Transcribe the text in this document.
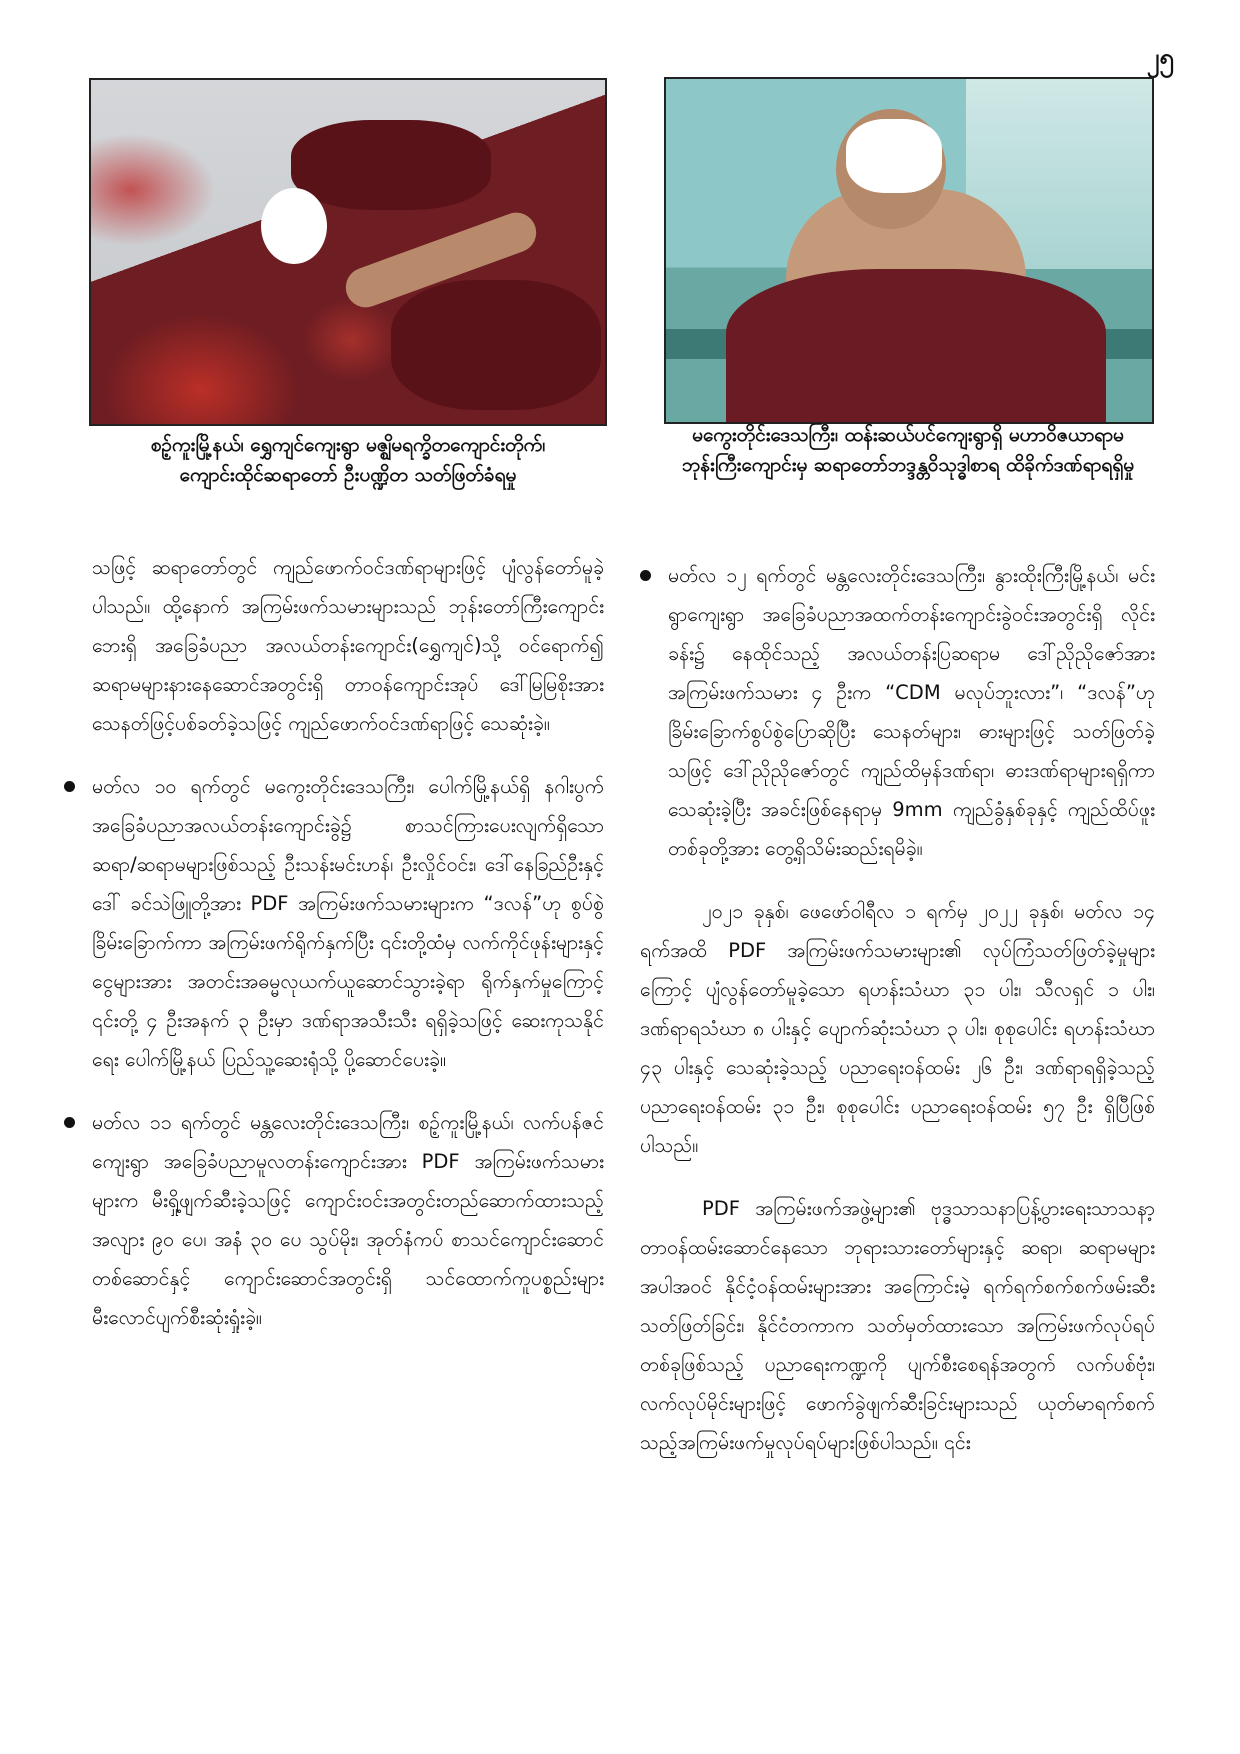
၂၅
စဥ့်ကူးမြို့နယ်၊ ရွှေကျင်ကျေးရွာ မဇ္ဈိမရက္ခိတကျောင်းတိုက်၊ ကျောင်းထိုင်ဆရာတော် ဦးပဏ္ဍိတ သတ်ဖြတ်ခံရမှု
မကွေးတိုင်းဒေသကြီး၊ ထန်းဆယ်ပင်ကျေးရွာရှိ မဟာဝိဇယာရာမဘုန်းကြီးကျောင်းမှ ဆရာတော်ဘဒ္ဒန္တဝိသုဒ္ဓါစာရ ထိခိုက်ဒဏ်ရာရရှိမှု

သဖြင့် ဆရာတော်တွင် ကျည်ဖောက်ဝင်ဒဏ်ရာများဖြင့် ပျံလွန်တော်မူခဲ့ပါသည်။ ထို့နောက် အကြမ်းဖက်သမားများသည် ဘုန်းတော်ကြီးကျောင်းဘေးရှိ အခြေခံပညာ အလယ်တန်းကျောင်း(ရွှေကျင်)သို့ ဝင်ရောက်၍ ဆရာမများနားနေဆောင်အတွင်းရှိ တာဝန်ကျောင်းအုပ် ဒေါ်မြမြစိုးအား သေနတ်ဖြင့်ပစ်ခတ်ခဲ့သဖြင့် ကျည်ဖောက်ဝင်ဒဏ်ရာဖြင့် သေဆုံးခဲ့။

မတ်လ ၁၀ ရက်တွင် မကွေးတိုင်းဒေသကြီး၊ ပေါက်မြို့နယ်ရှိ နဂါးပွက်အခြေခံပညာအလယ်တန်းကျောင်းခွဲ၌ စာသင်ကြားပေးလျက်ရှိသော ဆရာ/ဆရာမများဖြစ်သည့် ဦးသန်းမင်းဟန်၊ ဦးလှိုင်ဝင်း၊ ဒေါ်နေခြည်ဦးနှင့် ဒေါ် ခင်သဲဖြူတို့အား PDF အကြမ်းဖက်သမားများက “ဒလန်”ဟု စွပ်စွဲခြိမ်းခြောက်ကာ အကြမ်းဖက်ရိုက်နှက်ပြီး ၎င်းတို့ထံမှ လက်ကိုင်ဖုန်းများနှင့် ငွေများအား အတင်းအဓမ္မလုယက်ယူဆောင်သွားခဲ့ရာ ရိုက်နှက်မှုကြောင့် ၎င်းတို့ ၄ ဦးအနက် ၃ ဦးမှာ ဒဏ်ရာအသီးသီး ရရှိခဲ့သဖြင့် ဆေးကုသနိုင်ရေး ပေါက်မြို့နယ် ပြည်သူ့ဆေးရုံသို့ ပို့ဆောင်ပေးခဲ့။
မတ်လ ၁၁ ရက်တွင် မန္တလေးတိုင်းဒေသကြီး၊ စဥ့်ကူးမြို့နယ်၊ လက်ပန်ဇင်ကျေးရွာ အခြေခံပညာမူလတန်းကျောင်းအား PDF အကြမ်းဖက်သမားများက မီးရှို့ဖျက်ဆီးခဲ့သဖြင့် ကျောင်းဝင်းအတွင်းတည်ဆောက်ထားသည့် အလျား ၉၀ ပေ၊ အနံ ၃၀ ပေ သွပ်မိုး၊ အုတ်နံကပ် စာသင်ကျောင်းဆောင်တစ်ဆောင်နှင့် ကျောင်းဆောင်အတွင်းရှိ သင်ထောက်ကူပစ္စည်းများ မီးလောင်ပျက်စီးဆုံးရှုံးခဲ့။
မတ်လ ၁၂ ရက်တွင် မန္တလေးတိုင်းဒေသကြီး၊ နွားထိုးကြီးမြို့နယ်၊ မင်းရွာကျေးရွာ အခြေခံပညာအထက်တန်းကျောင်းခွဲဝင်းအတွင်းရှိ လိုင်းခန်း၌ နေထိုင်သည့် အလယ်တန်းပြဆရာမ ဒေါ်ညိုညိုဇော်အား အကြမ်းဖက်သမား ၄ ဦးက “CDM မလုပ်ဘူးလား”၊ “ဒလန်”ဟု ခြိမ်းခြောက်စွပ်စွဲပြောဆိုပြီး သေနတ်များ၊ ဓားများဖြင့် သတ်ဖြတ်ခဲ့သဖြင့် ဒေါ်ညိုညိုဇော်တွင် ကျည်ထိမှန်ဒဏ်ရာ၊ ဓားဒဏ်ရာများရရှိကာ သေဆုံးခဲ့ပြီး အခင်းဖြစ်နေရာမှ 9mm ကျည်ခွံနှစ်ခုနှင့် ကျည်ထိပ်ဖူးတစ်ခုတို့အား တွေ့ရှိသိမ်းဆည်းရမိခဲ့။

၂၀၂၁ ခုနှစ်၊ ဖေဖော်ဝါရီလ ၁ ရက်မှ ၂၀၂၂ ခုနှစ်၊ မတ်လ ၁၄ ရက်အထိ PDF အကြမ်းဖက်သမားများ၏ လုပ်ကြံသတ်ဖြတ်ခဲ့မှုများကြောင့် ပျံလွန်တော်မူခဲ့သော ရဟန်းသံဃာ ၃၁ ပါး၊ သီလရှင် ၁ ပါး၊ ဒဏ်ရာရသံဃာ ၈ ပါးနှင့် ပျောက်ဆုံးသံဃာ ၃ ပါး၊ စုစုပေါင်း ရဟန်းသံဃာ ၄၃ ပါးနှင့် သေဆုံးခဲ့သည့် ပညာရေးဝန်ထမ်း ၂၆ ဦး၊ ဒဏ်ရာရရှိခဲ့သည့် ပညာရေးဝန်ထမ်း ၃၁ ဦး၊ စုစုပေါင်း ပညာရေးဝန်ထမ်း ၅၇ ဦး ရှိပြီဖြစ်ပါသည်။

PDF အကြမ်းဖက်အဖွဲ့များ၏ ဗုဒ္ဓသာသနာပြန့်ပွားရေးသာသနာ့တာဝန်ထမ်းဆောင်နေသော ဘုရားသားတော်များနှင့် ဆရာ၊ ဆရာမများအပါအဝင် နိုင်ငံ့ဝန်ထမ်းများအား အကြောင်းမဲ့ ရက်ရက်စက်စက်ဖမ်းဆီးသတ်ဖြတ်ခြင်း၊ နိုင်ငံတကာက သတ်မှတ်ထားသော အကြမ်းဖက်လုပ်ရပ်တစ်ခုဖြစ်သည့် ပညာရေးကဏ္ဍကို ပျက်စီးစေရန်အတွက် လက်ပစ်ဗုံး၊ လက်လုပ်မိုင်းများဖြင့် ဖောက်ခွဲဖျက်ဆီးခြင်းများသည် ယုတ်မာရက်စက်သည့်အကြမ်းဖက်မှုလုပ်ရပ်များဖြစ်ပါသည်။ ၎င်း
